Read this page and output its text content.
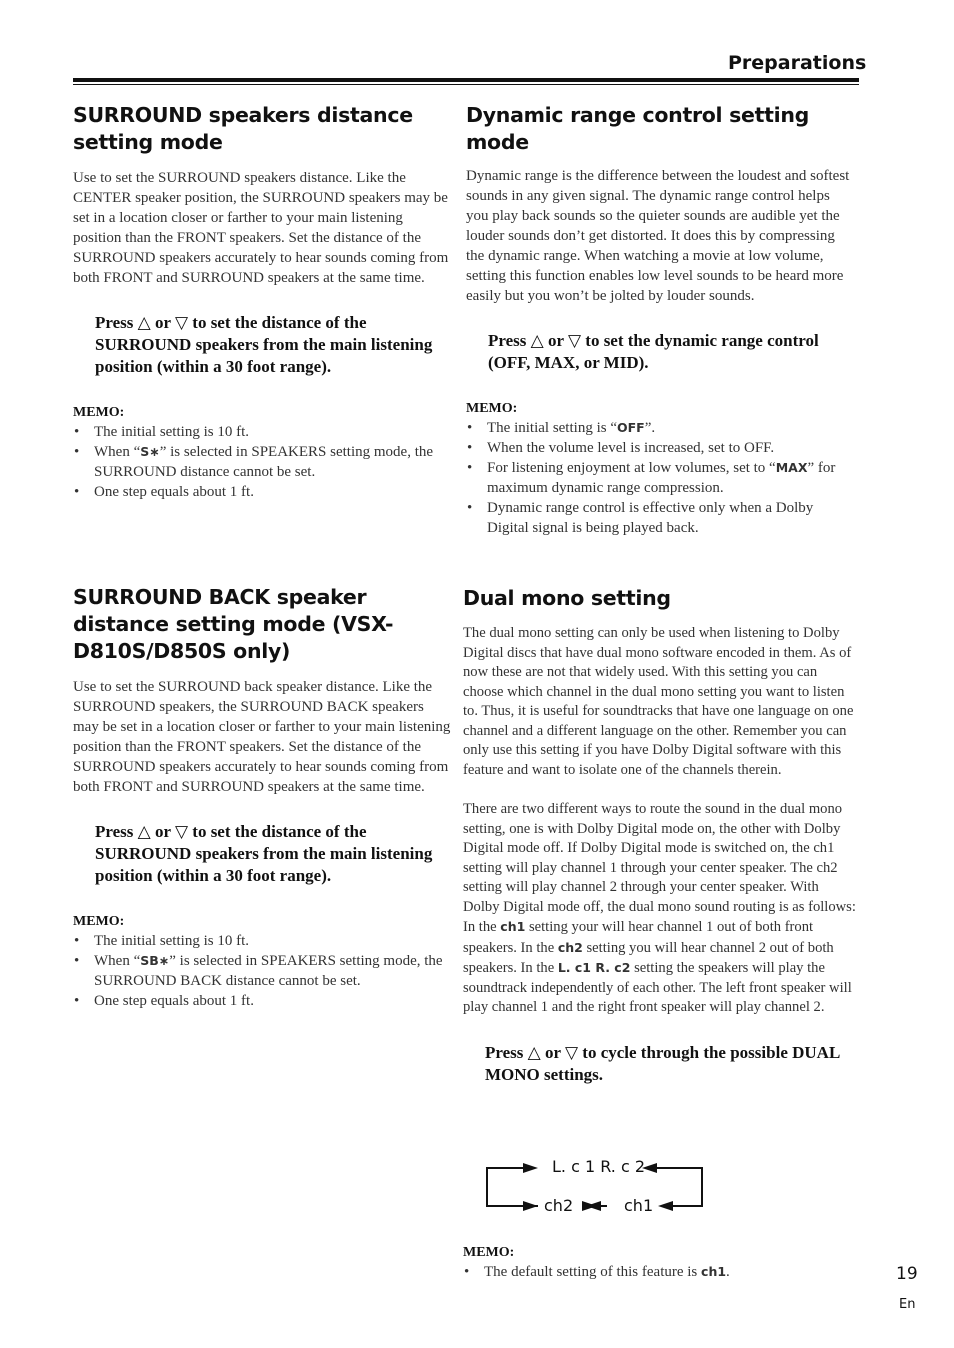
Preparations
SURROUND speakers distance setting mode

Use to set the SURROUND speakers distance. Like the CENTER speaker position, the SURROUND speakers may be set in a location closer or farther to your main listening position than the FRONT speakers. Set the distance of the SURROUND speakers accurately to hear sounds coming from both FRONT and SURROUND speakers at the same time.

Press △ or ▽ to set the distance of the SURROUND speakers from the main listening position (within a 30 foot range).

MEMO:
• The initial setting is 10 ft.
• When “S∗” is selected in SPEAKERS setting mode, the SURROUND distance cannot be set.
• One step equals about 1 ft.
SURROUND BACK speaker distance setting mode (VSX-D810S/D850S only)

Use to set the SURROUND back speaker distance. Like the SURROUND speakers, the SURROUND BACK speakers may be set in a location closer or farther to your main listening position than the FRONT speakers. Set the distance of the SURROUND speakers accurately to hear sounds coming from both FRONT and SURROUND speakers at the same time.

Press △ or ▽ to set the distance of the SURROUND speakers from the main listening position (within a 30 foot range).

MEMO:
• The initial setting is 10 ft.
• When “SB∗” is selected in SPEAKERS setting mode, the SURROUND BACK distance cannot be set.
• One step equals about 1 ft.
Dynamic range control setting mode

Dynamic range is the difference between the loudest and softest sounds in any given signal. The dynamic range control helps you play back sounds so the quieter sounds are audible yet the louder sounds don’t get distorted. It does this by compressing the dynamic range. When watching a movie at low volume, setting this function enables low level sounds to be heard more easily but you won’t be jolted by louder sounds.

Press △ or ▽ to set the dynamic range control (OFF, MAX, or MID).

MEMO:
• The initial setting is “OFF”.
• When the volume level is increased, set to OFF.
• For listening enjoyment at low volumes, set to “MAX” for maximum dynamic range compression.
• Dynamic range control is effective only when a Dolby Digital signal is being played back.
Dual mono setting

The dual mono setting can only be used when listening to Dolby Digital discs that have dual mono software encoded in them. As of now these are not that widely used. With this setting you can choose which channel in the dual mono setting you want to listen to. Thus, it is useful for soundtracks that have one language on one channel and a different language on the other. Remember you can only use this setting if you have Dolby Digital software with this feature and want to isolate one of the channels therein.

There are two different ways to route the sound in the dual mono setting, one is with Dolby Digital mode on, the other with Dolby Digital mode off. If Dolby Digital mode is switched on, the ch1 setting will play channel 1 through your center speaker. The ch2 setting will play channel 2 through your center speaker. With Dolby Digital mode off, the dual mono sound routing is as follows: In the ch1 setting your will hear channel 1 out of both front speakers. In the ch2 setting you will hear channel 2 out of both speakers. In the L. c1 R. c2 setting the speakers will play the soundtrack independently of each other. The left front speaker will play channel 1 and the right front speaker will play channel 2.

Press △ or ▽ to cycle through the possible DUAL MONO settings.

L. c 1 R. c 2
ch2	ch1
MEMO:
• The default setting of this feature is ch1.	19
En
